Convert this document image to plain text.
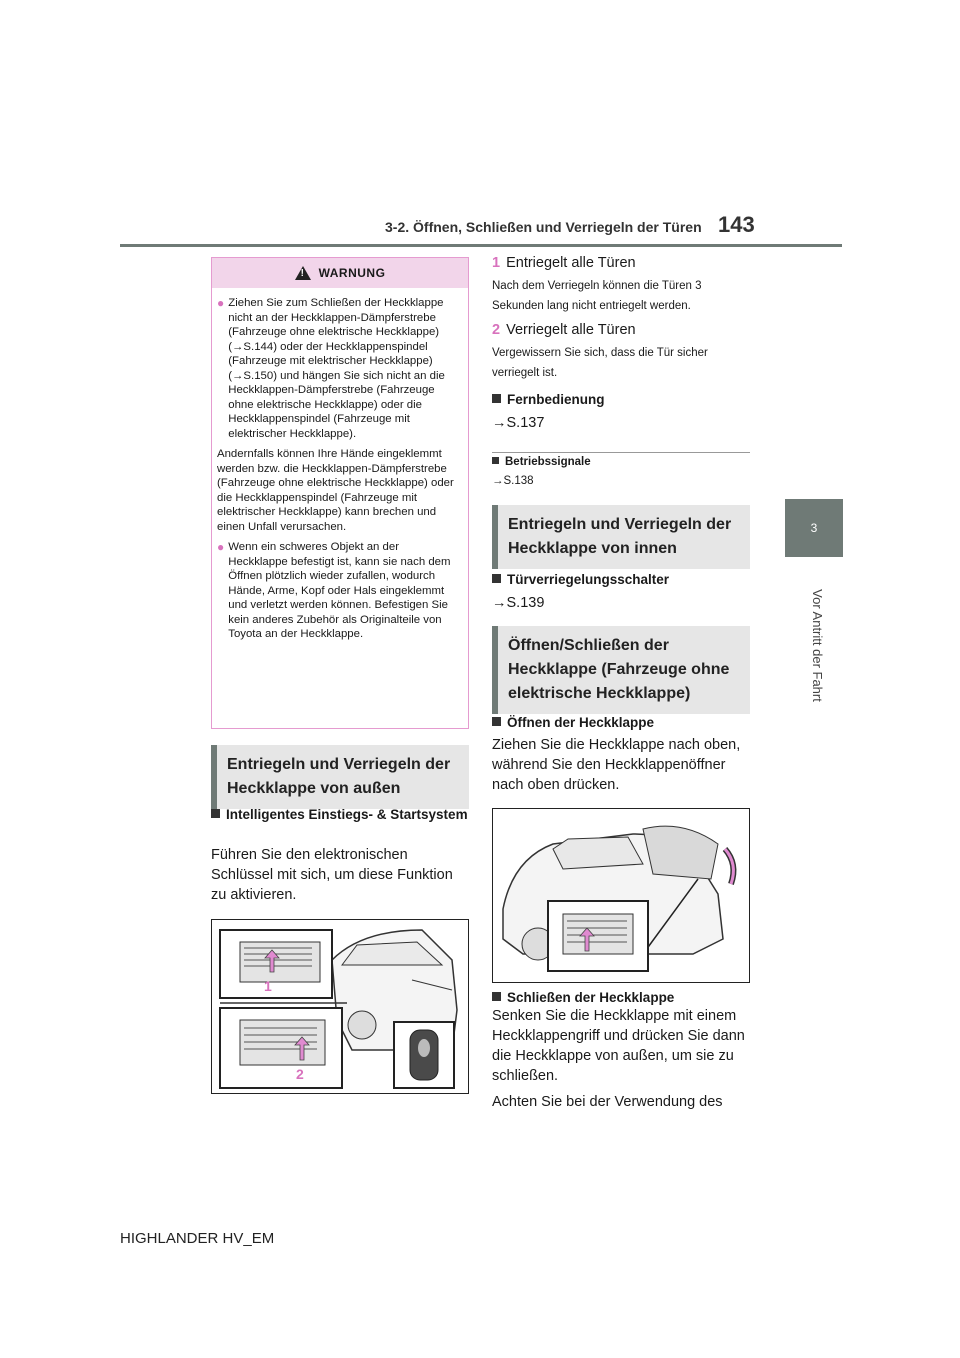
3-2. Öffnen, Schließen und Verriegeln der Türen 143
3
Vor Antritt der Fahrt
!
WARNUNG
● Ziehen Sie zum Schließen der Heckklappe nicht an der Heckklappen-Dämpferstrebe (Fahrzeuge ohne elektrische Heckklappe) (→S.144) oder der Heckklappenspindel (Fahrzeuge mit elektrischer Heckklappe) (→S.150) und hängen Sie sich nicht an die Heckklappen-Dämpferstrebe (Fahrzeuge ohne elektrische Heckklappe) oder die Heckklappenspindel (Fahrzeuge mit elektrischer Heckklappe).

Andernfalls können Ihre Hände eingeklemmt werden bzw. die Heckklappen-Dämpferstrebe (Fahrzeuge ohne elektrische Heckklappe) oder die Heckklappenspindel (Fahrzeuge mit elektrischer Heckklappe) kann brechen und einen Unfall verursachen.

● Wenn ein schweres Objekt an der Heckklappe befestigt ist, kann sie nach dem Öffnen plötzlich wieder zufallen, wodurch Hände, Arme, Kopf oder Hals eingeklemmt und verletzt werden können. Befestigen Sie kein anderes Zubehör als Originalteile von Toyota an der Heckklappe.
Entriegeln und Verriegeln der Heckklappe von außen
Intelligentes Einstiegs- & Startsystem
Führen Sie den elektronischen Schlüssel mit sich, um diese Funktion zu aktivieren.
1
2
1 Entriegelt alle Türen
Nach dem Verriegeln können die Türen 3 Sekunden lang nicht entriegelt werden.
2 Verriegelt alle Türen
Vergewissern Sie sich, dass die Tür sicher verriegelt ist.
Fernbedienung
→S.137
Betriebssignale
→S.138
Entriegeln und Verriegeln der Heckklappe von innen
Türverriegelungsschalter
→S.139
Öffnen/Schließen der Heckklappe (Fahrzeuge ohne elektrische Heckklappe)
Öffnen der Heckklappe
Ziehen Sie die Heckklappe nach oben, während Sie den Heckklappenöffner nach oben drücken.
Schließen der Heckklappe
Senken Sie die Heckklappe mit einem Heckklappengriff und drücken Sie dann die Heckklappe von außen, um sie zu schließen.
Achten Sie bei der Verwendung des
HIGHLANDER HV_EM
